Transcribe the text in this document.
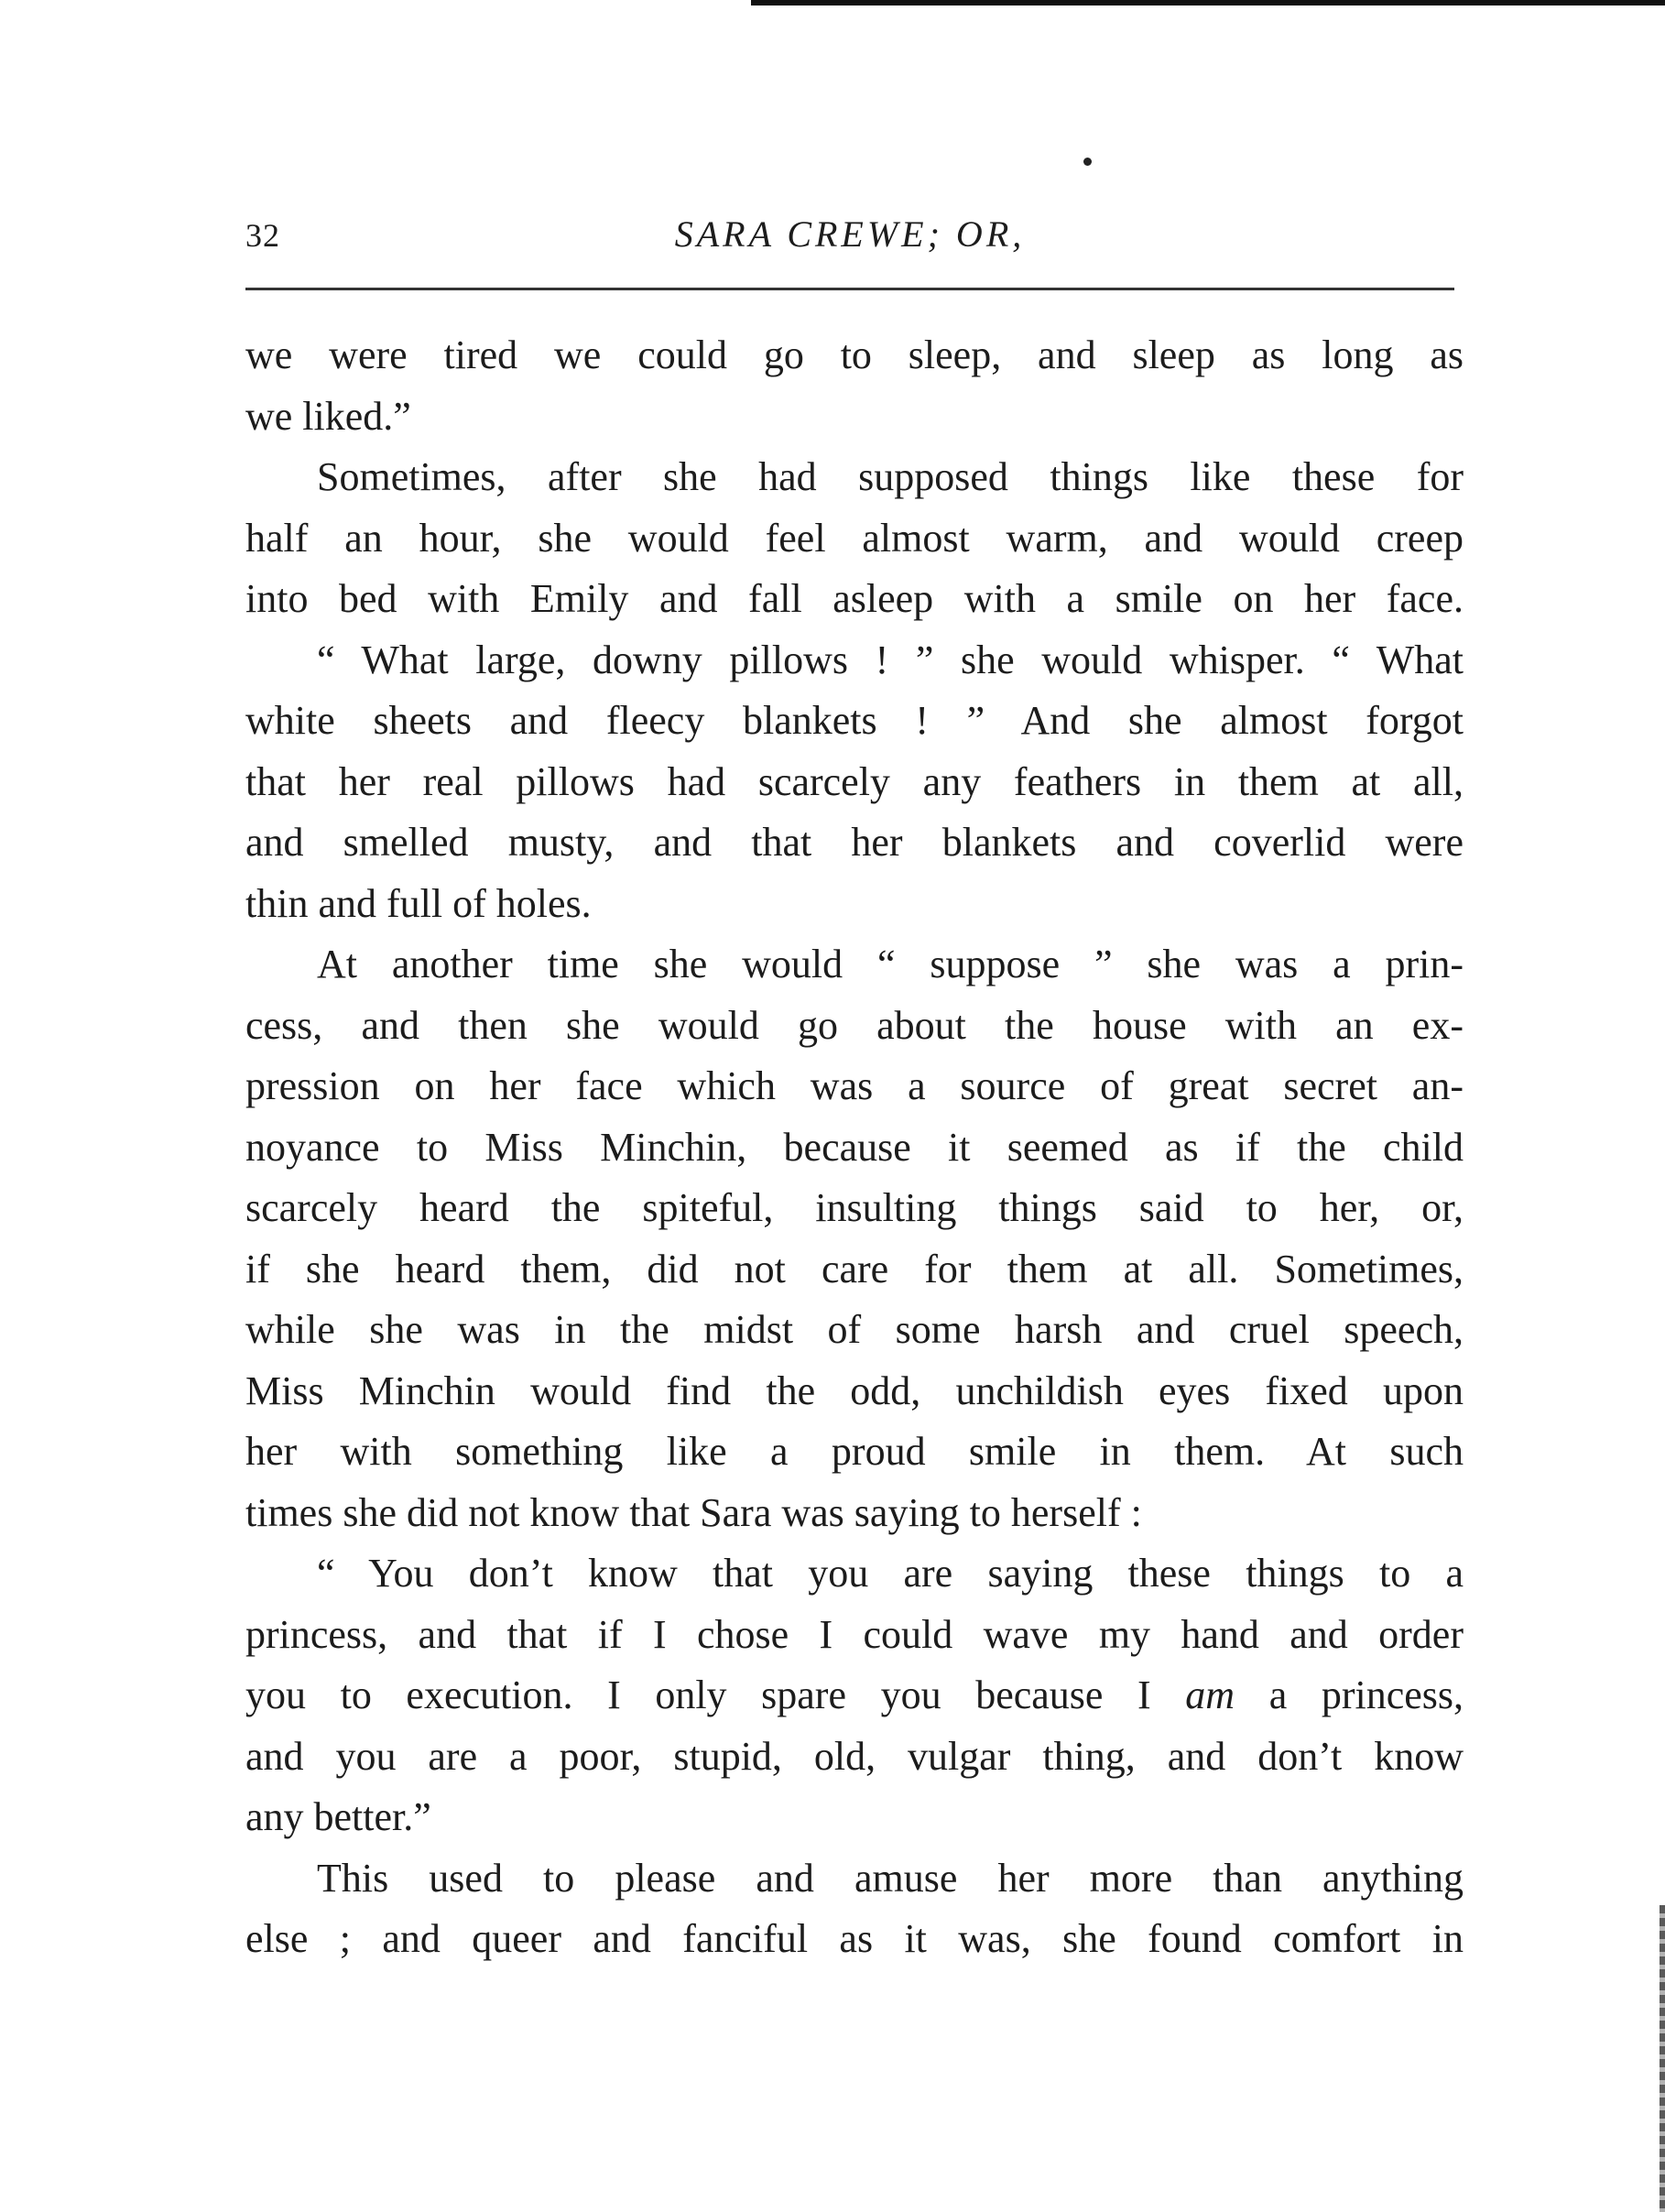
32	SARA CREWE; OR,
we were tired we could go to sleep, and sleep as long as
we liked.”
Sometimes, after she had supposed things like these for
half an hour, she would feel almost warm, and would creep
into bed with Emily and fall asleep with a smile on her face.
“ What large, downy pillows ! ” she would whisper. “ What
white sheets and fleecy blankets ! ” And she almost forgot
that her real pillows had scarcely any feathers in them at all,
and smelled musty, and that her blankets and coverlid were
thin and full of holes.
At another time she would “ suppose ” she was a prin-
cess, and then she would go about the house with an ex-
pression on her face which was a source of great secret an-
noyance to Miss Minchin, because it seemed as if the child
scarcely heard the spiteful, insulting things said to her, or,
if she heard them, did not care for them at all. Sometimes,
while she was in the midst of some harsh and cruel speech,
Miss Minchin would find the odd, unchildish eyes fixed upon
her with something like a proud smile in them. At such
times she did not know that Sara was saying to herself :
“ You don’t know that you are saying these things to a
princess, and that if I chose I could wave my hand and order
you to execution. I only spare you because I am a princess,
and you are a poor, stupid, old, vulgar thing, and don’t know
any better.”
This used to please and amuse her more than anything
else ; and queer and fanciful as it was, she found comfort in
